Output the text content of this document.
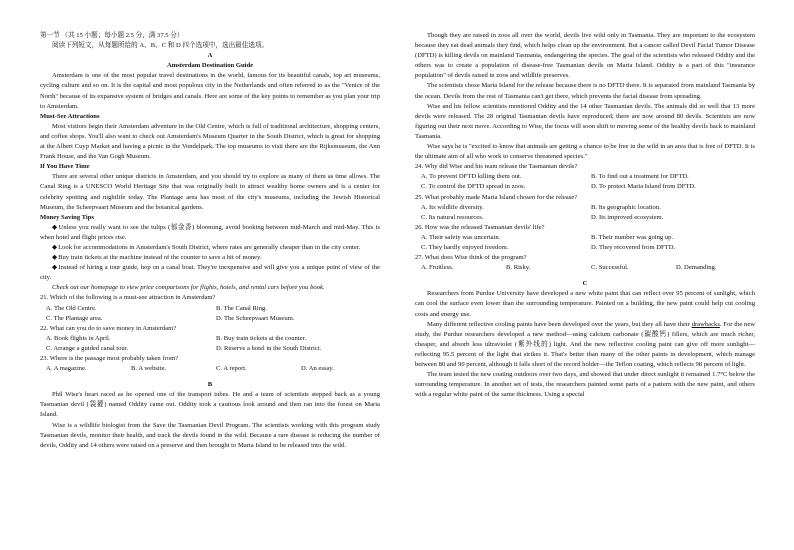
第一节 （共 15 小题；每小题 2.5 分，满 37.5 分）

阅读下列短文，从每题所给的 A、B、C 和 D 四个选项中，选出最佳选项。

A

Amsterdam Destination Guide

Amsterdam is one of the most popular travel destinations in the world, famous for its beautiful canals, top art museums, cycling culture and so on. It is the capital and most populous city in the Netherlands and often referred to as the "Venice of the North" because of its expansive system of bridges and canals. Here are some of the key points to remember as you plan your trip to Amsterdam.

Must-See Attractions

Most visitors begin their Amsterdam adventure in the Old Centre, which is full of traditional architecture, shopping centers, and coffee shops. You'll also want to check out Amsterdam's Museum Quarter in the South District, which is great for shopping at the Albert Cuyp Market and having a picnic in the Vondelpark. The top museums to visit there are the Rijksmuseum, the Ann Frank House, and the Van Gogh Museum.

If You Have Time

There are several other unique districts in Amsterdam, and you should try to explore as many of them as time allows. The Canal Ring is a UNESCO World Heritage Site that was originally built to attract wealthy home owners and is a center for celebrity spotting and nightlife today. The Plantage area has most of the city's museums, including the Jewish Historical Museum, the Scheepvaart Museum and the botanical gardens.

Money Saving Tips

◆ Unless you really want to see the tulips (郁金香) blooming, avoid booking between mid-March and mid-May. This is when hotel and flight prices rise.

◆ Look for accommodations in Amsterdam's South District, where rates are generally cheaper than in the city center.

◆ Buy train tickets at the machine instead of the counter to save a bit of money.

◆ Instead of hiring a tour guide, hop on a canal boat. They're inexpensive and will give you a unique point of view of the city.

Check out our homepage to view price comparisons for flights, hotels, and rental cars before you book.

21. Which of the following is a must-see attraction in Amsterdam?

A. The Old Centre.	B. The Canal Ring.
C. The Plantage area.	D. The Scheepvaart Museum.

22. What can you do to save money in Amsterdam?

A. Book flights in April.	B. Buy train tickets at the counter.
C. Arrange a guided canal tour.	D. Reserve a hotel in the South District.

23. Where is the passage most probably taken from?

A. A magazine.	B. A website.	C. A report.	D. An essay.

B

Phil Wise's heart raced as he opened one of the transport tubes. He and a team of scientists stepped back as a young Tasmanian devil (袋獾) named Oddity came out. Oddity took a cautious look around and then ran into the forest on Maria Island.

Wise is a wildlife biologist from the Save the Tasmanian Devil Program. The scientists working with this program study Tasmanian devils, monitor their health, and track the devils found in the wild. Because a rare disease is reducing the number of devils, Oddity and 14 others were raised on a preserve and then brought to Maria Island to be released into the wild.

Though they are raised in zoos all over the world, devils live wild only in Tasmania. They are important to the ecosystem because they eat dead animals they find, which helps clean up the environment. But a cancer called Devil Facial Tumor Disease (DFTD) is killing devils on mainland Tasmania, endangering the species. The goal of the scientists who released Oddity and the others was to create a population of disease-free Tasmanian devils on Maria Island. Oddity is a part of this "insurance population" of devils raised in zoos and wildlife preserves.

The scientists chose Maria Island for the release because there is no DFTD there. It is separated from mainland Tasmania by the ocean. Devils from the rest of Tasmania can't get there, which prevents the facial disease from spreading.

Wise and his fellow scientists monitored Oddity and the 14 other Tasmanian devils. The animals did so well that 13 more devils were released. The 28 original Tasmanian devils have reproduced; there are now around 80 devils. Scientists are now figuring out their next move. According to Wise, the focus will soon shift to moving some of the healthy devils back to mainland Tasmania.

Wise says he is "excited to know that animals are getting a chance to be free in the wild in an area that is free of DFTD. It is the ultimate aim of all who work to conserve threatened species."

24. Why did Wise and his team release the Tasmanian devils?

A. To prevent DFTD killing them out.	B. To find out a treatment for DFTD.
C. To control the DFTD spread in zoos.	D. To protect Maria Island from DFTD.

25. What probably made Maria Island chosen for the release?

A. Its wildlife diversity.	B. Its geographic location.
C. Its natural resources.	D. Its improved ecosystem.

26. How was the released Tasmanian devils' life?

A. Their safety was uncertain.	B. Their number was going up.
C. They hardly enjoyed freedom.	D. They recovered from DFTD.

27. What does Wise think of the program?

A. Fruitless.	B. Risky.	C. Successful.	D. Demanding.

C

Researchers from Purdue University have developed a new white paint that can reflect over 95 percent of sunlight, which can cool the surface even lower than the surrounding temperature. Painted on a building, the new paint could help cut cooling costs and energy use.

Many different reflective cooling paints have been developed over the years, but they all have their drawbacks. For the new study, the Purdue researchers developed a new method—using calcium carbonate (碳酸钙) fillers, which are much richer, cheaper, and absorb less ultraviolet (紫外线的) light. And the new reflective cooling paint can give off more sunlight—reflecting 95.5 percent of the light that strikes it. That's better than many of the other paints in development, which manage between 80 and 90 percent, although it falls short of the record holder—the Teflon coating, which reflects 98 percent of light.

The team tested the new coating outdoors over two days, and showed that under direct sunlight it remained 1.7°C below the surrounding temperature. In another set of tests, the researchers painted some parts of a pattern with the new paint, and others with a regular white paint of the same thickness. Using a special
